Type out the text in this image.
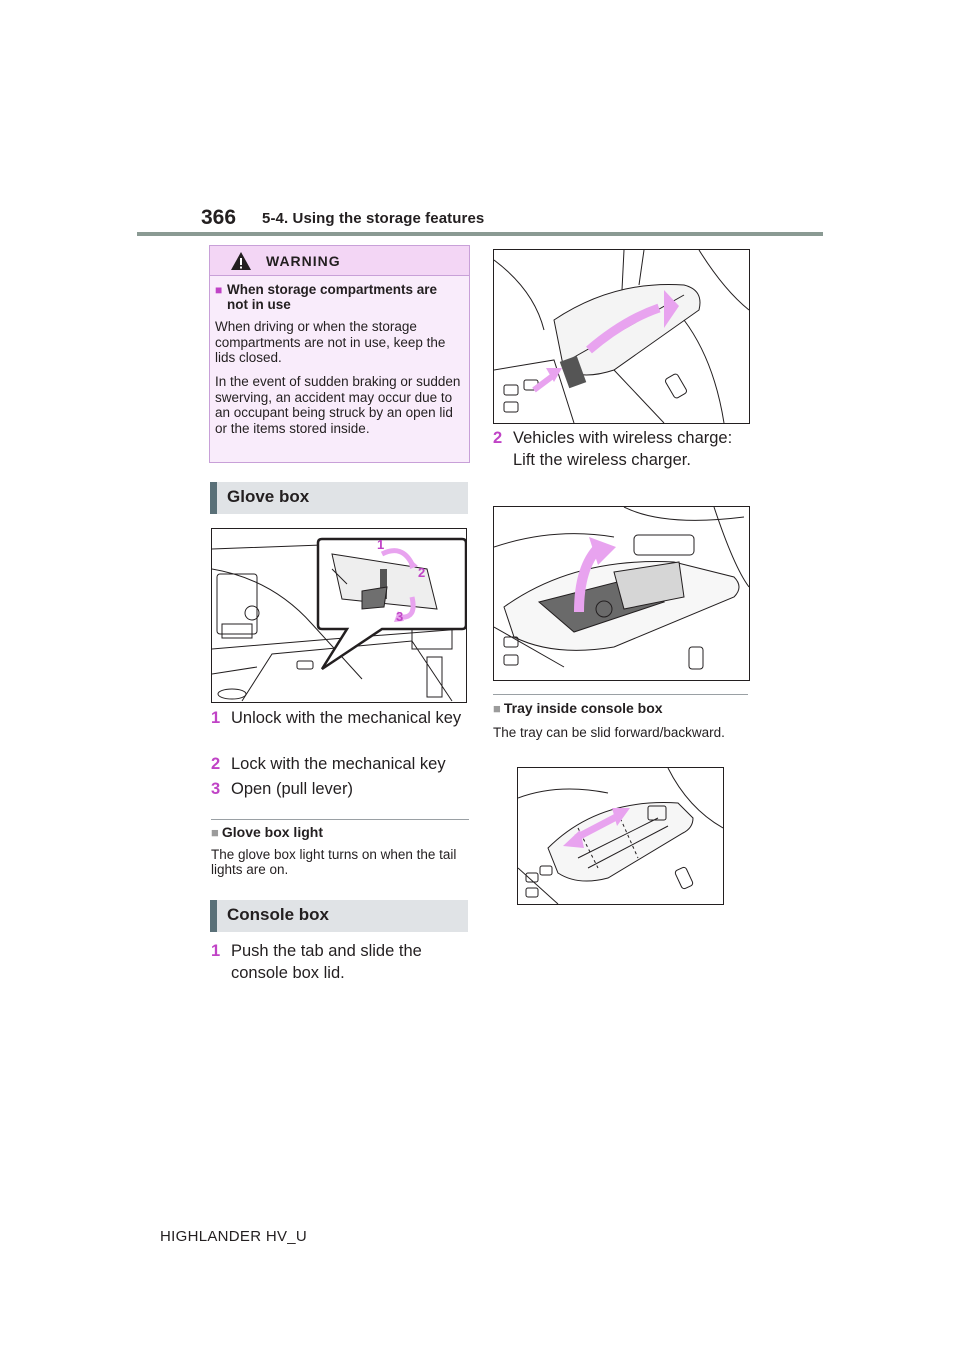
366 5-4. Using the storage features
WARNING
■ When storage compartments are not in use
When driving or when the storage compartments are not in use, keep the lids closed.
In the event of sudden braking or sudden swerving, an accident may occur due to an occupant being struck by an open lid or the items stored inside.
Glove box
1
2
3
1 Unlock with the mechanical key
2 Lock with the mechanical key
3 Open (pull lever)
■ Glove box light
The glove box light turns on when the tail lights are on.
Console box
1 Push the tab and slide the console box lid.
2 Vehicles with wireless charge: Lift the wireless charger.
■ Tray inside console box
The tray can be slid forward/backward.
HIGHLANDER HV_U
